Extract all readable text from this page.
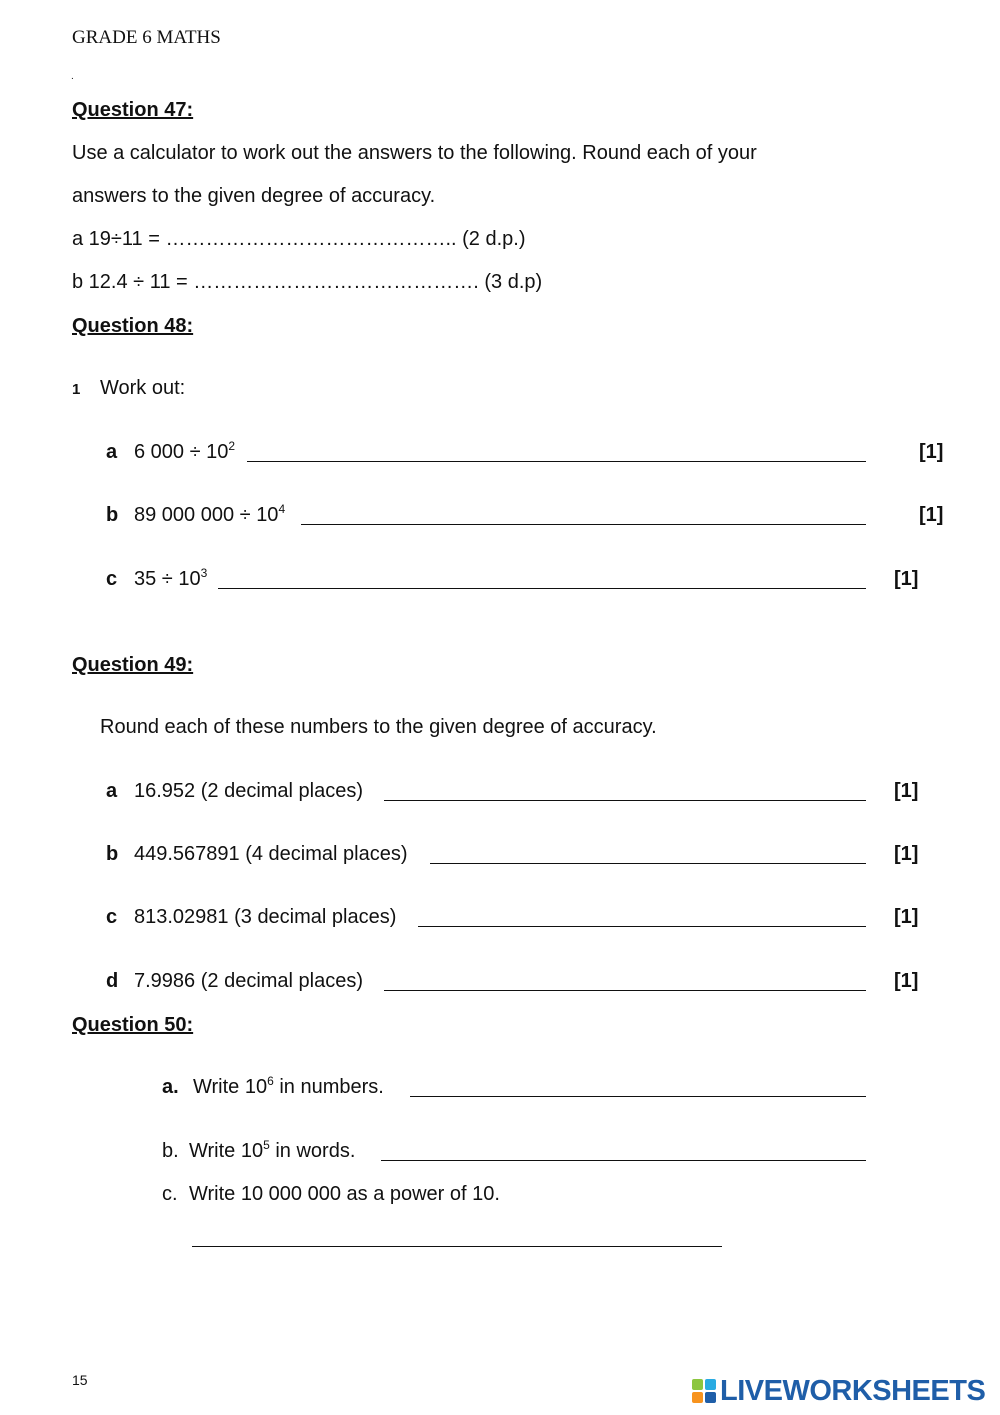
GRADE 6 MATHS
.
Question 47:
Use a calculator to work out the answers to the following. Round each of your
answers to the given degree of accuracy.
a 19÷11 = …………………………………….. (2 d.p.)
b 12.4 ÷ 11 = ……………………………………. (3 d.p)
Question 48:
1 Work out:
a 6 $000 \div 10^2$	[1]
b 89 000 $000 \div 10^4$	[1]
c $35 \div 10^3$	[1]
Question 49:
Round each of these numbers to the given degree of accuracy.
a 16.952 (2 decimal places)	[1]
b 449.567891 (4 decimal places)	[1]
c 813.02981 (3 decimal places)	[1]
d 7.9986 (2 decimal places)	[1]
Question 50:
a. Write $10^6$ in numbers.
b. Write $10^5$ in words.
c. Write 10 000 000 as a power of 10.
15	LIVEWORKSHEETS
